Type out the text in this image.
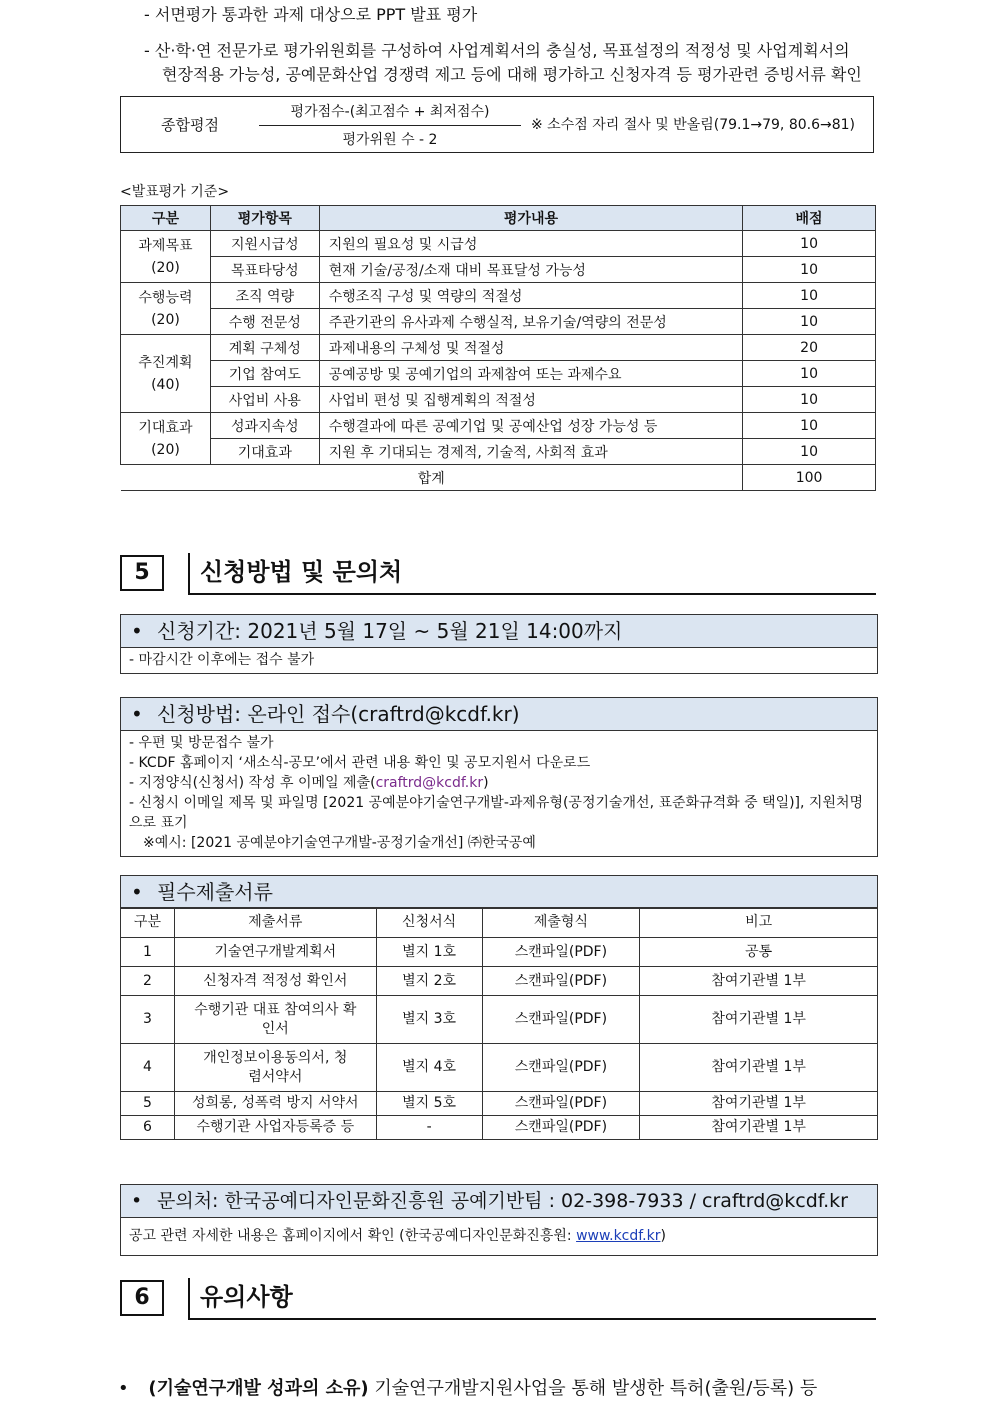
- 서면평가 통과한 과제 대상으로 PPT 발표 평가
- 산·학·연 전문가로 평가위원회를 구성하여 사업계획서의 충실성, 목표설정의 적정성 및 사업계획서의
현장적용 가능성, 공예문화산업 경쟁력 제고 등에 대해 평가하고 신청자격 등 평가관련 증빙서류 확인
종합평점
평가점수-(최고점수 + 최저점수)
평가위원 수 - 2
※ 소수점 자리 절사 및 반올림(79.1→79, 80.6→81)
<발표평가 기준>
구분	평가항목	평가내용	배점

과제목표
(20)	지원시급성	지원의 필요성 및 시급성	10
	목표타당성	현재 기술/공정/소재 대비 목표달성 가능성	10

수행능력
(20)	조직 역량	수행조직 구성 및 역량의 적절성	10
	수행 전문성	주관기관의 유사과제 수행실적, 보유기술/역량의 전문성	10

추진계획
(40)	계획 구체성	과제내용의 구체성 및 적절성	20
	기업 참여도	공예공방 및 공예기업의 과제참여 또는 과제수요	10
	사업비 사용	사업비 편성 및 집행계획의 적절성	10

기대효과
(20)	성과지속성	수행결과에 따른 공예기업 및 공예산업 성장 가능성 등	10
	기대효과	지원 후 기대되는 경제적, 기술적, 사회적 효과	10
합계			100
5	신청방법 및 문의처
• 신청기간: 2021년 5월 17일 ~ 5월 21일 14:00까지
- 마감시간 이후에는 접수 불가
• 신청방법: 온라인 접수(craftrd@kcdf.kr)
- 우편 및 방문접수 불가
- KCDF 홈페이지 ‘새소식-공모’에서 관련 내용 확인 및 공모지원서 다운로드
- 지정양식(신청서) 작성 후 이메일 제출(craftrd@kcdf.kr)
- 신청시 이메일 제목 및 파일명 [2021 공예분야기술연구개발-과제유형(공정기술개선, 표준화규격화 중 택일)], 지원처명으로 표기
※예시: [2021 공예분야기술연구개발-공정기술개선] ㈜한국공예
• 필수제출서류
구분	제출서류	신청서식	제출형식	비고
1	기술연구개발계획서	별지 1호	스캔파일(PDF)	공통
2	신청자격 적정성 확인서	별지 2호	스캔파일(PDF)	참여기관별 1부
3	수행기관 대표 참여의사 확인서	별지 3호	스캔파일(PDF)	참여기관별 1부
4	개인정보이용동의서, 청렴서약서	별지 4호	스캔파일(PDF)	참여기관별 1부
5	성희롱, 성폭력 방지 서약서	별지 5호	스캔파일(PDF)	참여기관별 1부
6	수행기관 사업자등록증 등	-	스캔파일(PDF)	참여기관별 1부
• 문의처: 한국공예디자인문화진흥원 공예기반팀 : 02-398-7933 / craftrd@kcdf.kr
공고 관련 자세한 내용은 홈페이지에서 확인 (한국공예디자인문화진흥원: www.kcdf.kr)
6	유의사항
• (기술연구개발 성과의 소유) 기술연구개발지원사업을 통해 발생한 특허(출원/등록) 등
